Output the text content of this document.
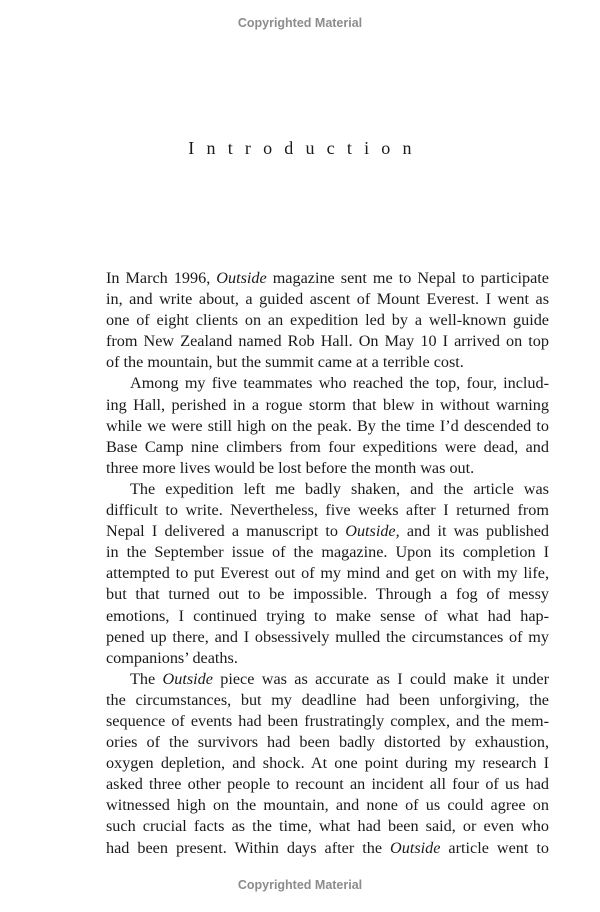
Copyrighted Material
Introduction
In March 1996, Outside magazine sent me to Nepal to participate
in, and write about, a guided ascent of Mount Everest. I went as
one of eight clients on an expedition led by a well-known guide
from New Zealand named Rob Hall. On May 10 I arrived on top
of the mountain, but the summit came at a terrible cost.
Among my five teammates who reached the top, four, includ-
ing Hall, perished in a rogue storm that blew in without warning
while we were still high on the peak. By the time I’d descended to
Base Camp nine climbers from four expeditions were dead, and
three more lives would be lost before the month was out.
The expedition left me badly shaken, and the article was
difficult to write. Nevertheless, five weeks after I returned from
Nepal I delivered a manuscript to Outside, and it was published
in the September issue of the magazine. Upon its completion I
attempted to put Everest out of my mind and get on with my life,
but that turned out to be impossible. Through a fog of messy
emotions, I continued trying to make sense of what had hap-
pened up there, and I obsessively mulled the circumstances of my
companions’ deaths.
The Outside piece was as accurate as I could make it under
the circumstances, but my deadline had been unforgiving, the
sequence of events had been frustratingly complex, and the mem-
ories of the survivors had been badly distorted by exhaustion,
oxygen depletion, and shock. At one point during my research I
asked three other people to recount an incident all four of us had
witnessed high on the mountain, and none of us could agree on
such crucial facts as the time, what had been said, or even who
had been present. Within days after the Outside article went to
Copyrighted Material
